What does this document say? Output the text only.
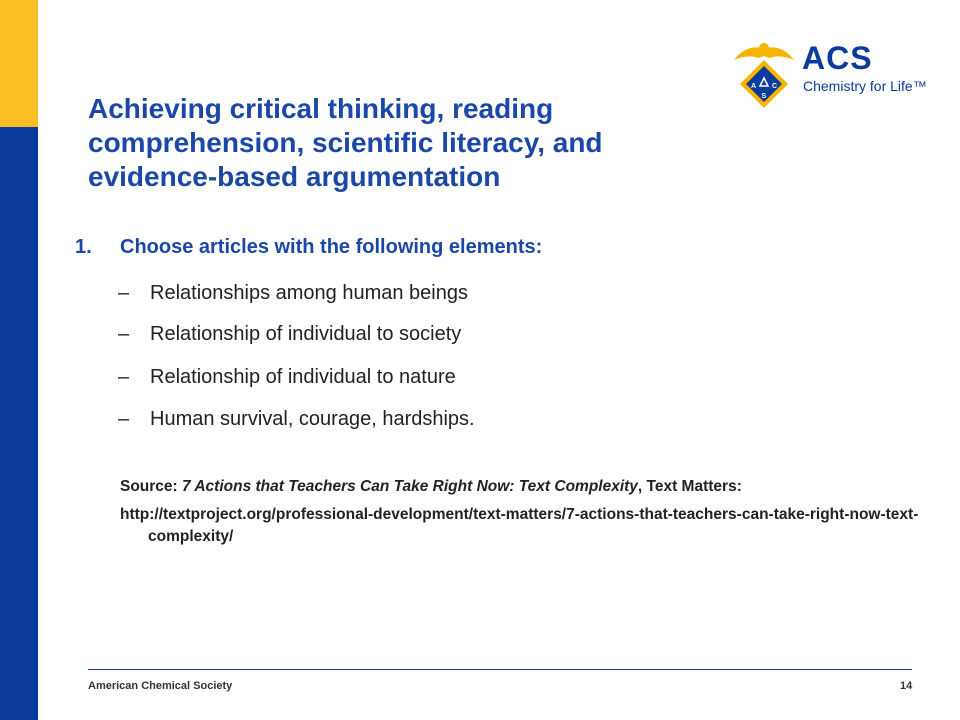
Achieving critical thinking, reading comprehension, scientific literacy, and evidence-based argumentation
A C
S
ACS
Chemistry for Life™
1. Choose articles with the following elements:
– Relationships among human beings
– Relationship of individual to society
– Relationship of individual to nature
– Human survival, courage, hardships.
Source: 7 Actions that Teachers Can Take Right Now: Text Complexity, Text Matters:
http://textproject.org/professional-development/text-matters/7-actions-that-teachers-can-take-right-now-text-complexity/
American Chemical Society	14
